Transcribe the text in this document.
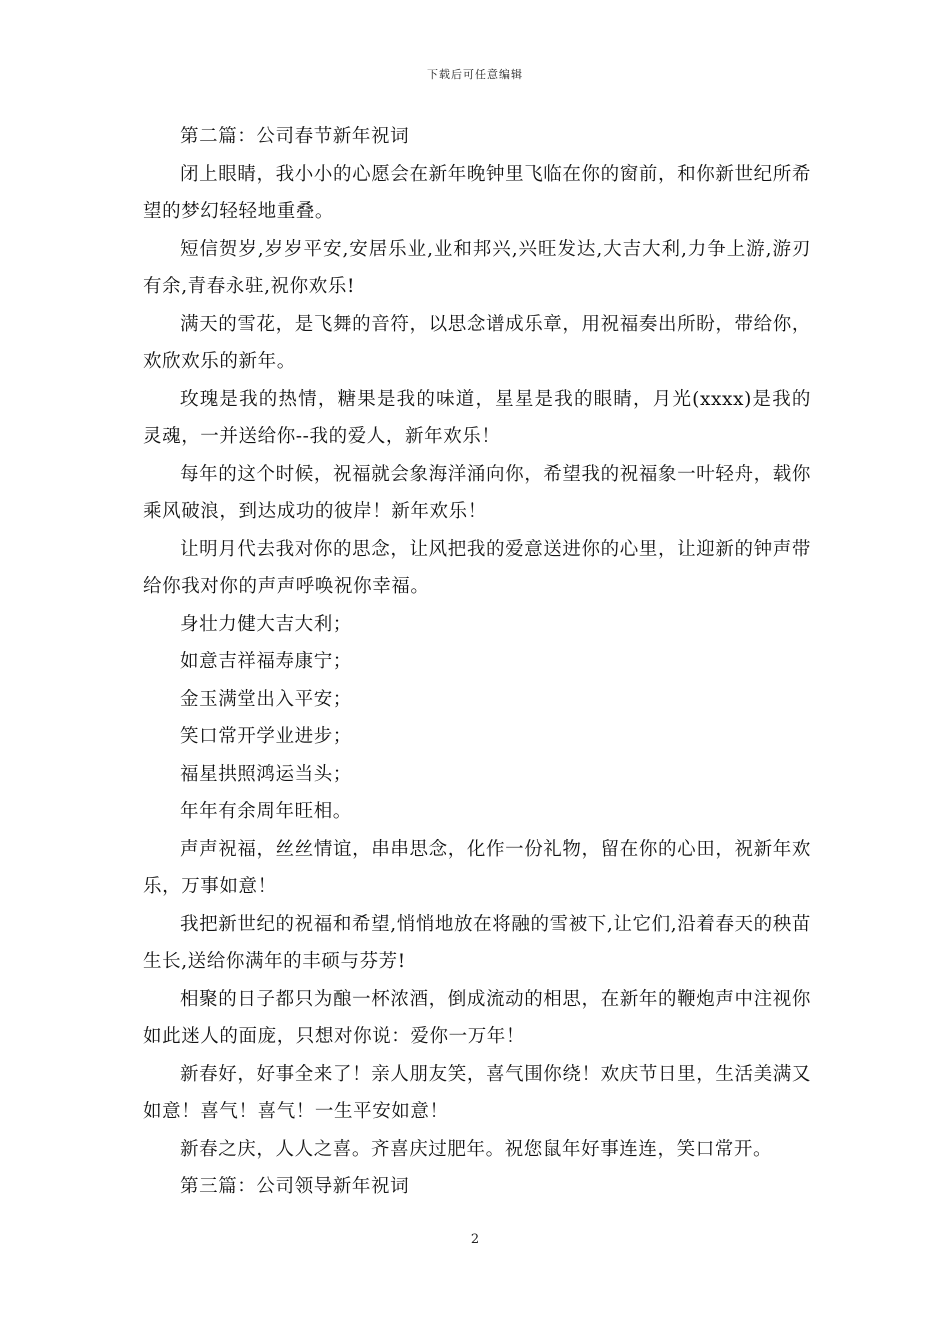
下载后可任意编辑

第二篇：公司春节新年祝词

闭上眼睛，我小小的心愿会在新年晚钟里飞临在你的窗前，和你新世纪所希望的梦幻轻轻地重叠。

短信贺岁,岁岁平安,安居乐业,业和邦兴,兴旺发达,大吉大利,力争上游,游刃有余,青春永驻,祝你欢乐!

满天的雪花，是飞舞的音符，以思念谱成乐章，用祝福奏出所盼，带给你，欢欣欢乐的新年。

玫瑰是我的热情，糖果是我的味道，星星是我的眼睛，月光(xxxx)是我的灵魂，一并送给你--我的爱人，新年欢乐！

每年的这个时候，祝福就会象海洋涌向你，希望我的祝福象一叶轻舟，载你乘风破浪，到达成功的彼岸！新年欢乐！

让明月代去我对你的思念，让风把我的爱意送进你的心里，让迎新的钟声带给你我对你的声声呼唤祝你幸福。

身壮力健大吉大利；

如意吉祥福寿康宁；

金玉满堂出入平安；

笑口常开学业进步；

福星拱照鸿运当头；

年年有余周年旺相。

声声祝福，丝丝情谊，串串思念，化作一份礼物，留在你的心田，祝新年欢乐，万事如意！

我把新世纪的祝福和希望,悄悄地放在将融的雪被下,让它们,沿着春天的秧苗生长,送给你满年的丰硕与芬芳!

相聚的日子都只为酿一杯浓酒，倒成流动的相思，在新年的鞭炮声中注视你如此迷人的面庞，只想对你说：爱你一万年！

新春好，好事全来了！亲人朋友笑，喜气围你绕！欢庆节日里，生活美满又如意！喜气！喜气！一生平安如意！

新春之庆，人人之喜。齐喜庆过肥年。祝您鼠年好事连连，笑口常开。

第三篇：公司领导新年祝词

2
